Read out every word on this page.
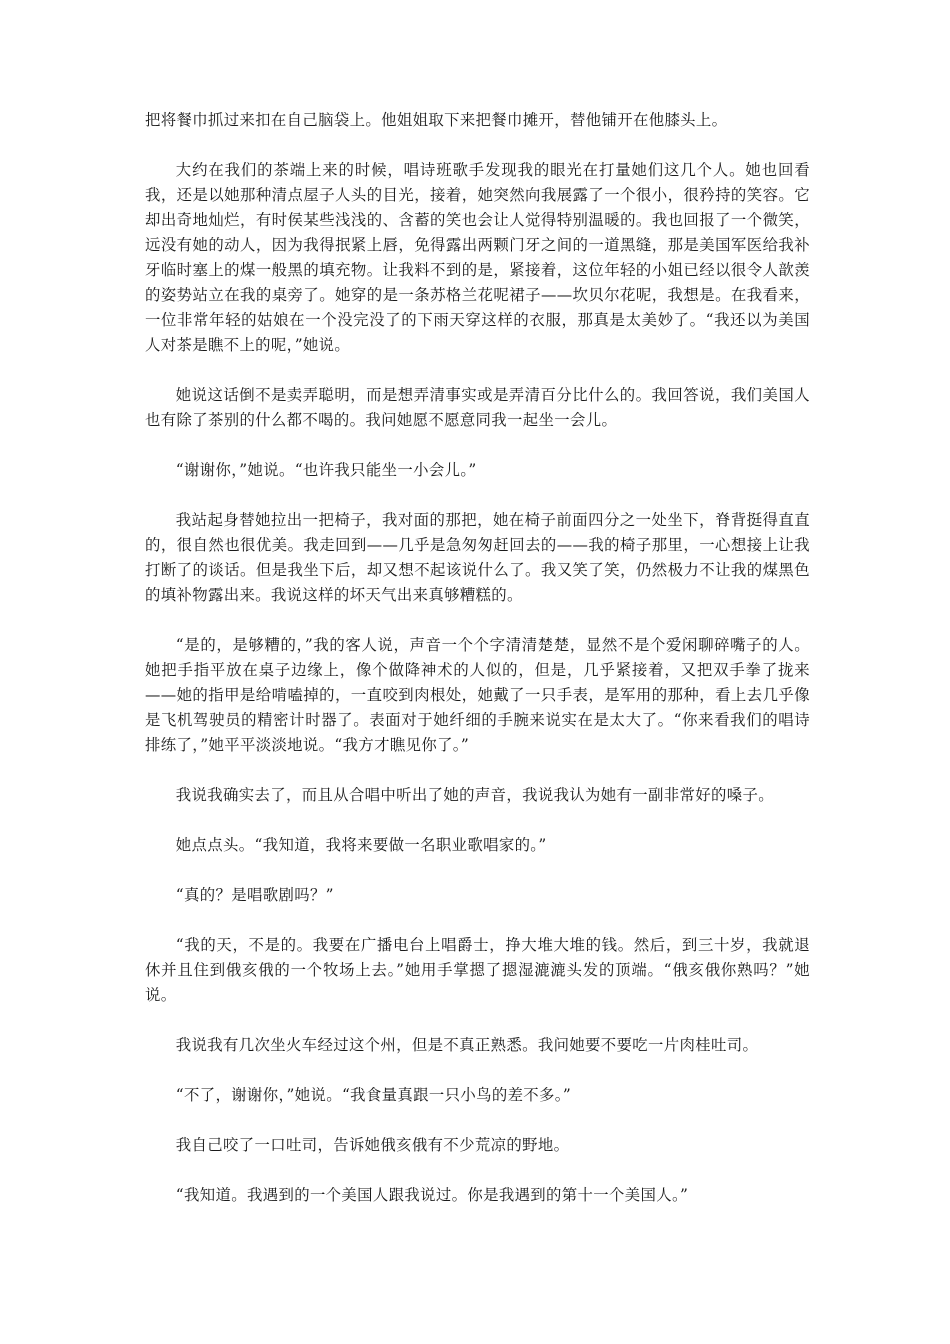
把将餐巾抓过来扣在自己脑袋上。他姐姐取下来把餐巾摊开，替他铺开在他膝头上。

大约在我们的茶端上来的时候，唱诗班歌手发现我的眼光在打量她们这几个人。她也回看我，还是以她那种清点屋子人头的目光，接着，她突然向我展露了一个很小，很矜持的笑容。它却出奇地灿烂，有时侯某些浅浅的、含蓄的笑也会让人觉得特别温暖的。我也回报了一个微笑，远没有她的动人，因为我得抿紧上唇，免得露出两颗门牙之间的一道黑缝，那是美国军医给我补牙临时塞上的煤一般黑的填充物。让我料不到的是，紧接着，这位年轻的小姐已经以很令人歆羡的姿势站立在我的桌旁了。她穿的是一条苏格兰花呢裙子——坎贝尔花呢，我想是。在我看来，一位非常年轻的姑娘在一个没完没了的下雨天穿这样的衣服，那真是太美妙了。“我还以为美国人对茶是瞧不上的呢，”她说。

她说这话倒不是卖弄聪明，而是想弄清事实或是弄清百分比什么的。我回答说，我们美国人也有除了茶别的什么都不喝的。我问她愿不愿意同我一起坐一会儿。

“谢谢你，”她说。“也许我只能坐一小会儿。”

我站起身替她拉出一把椅子，我对面的那把，她在椅子前面四分之一处坐下，脊背挺得直直的，很自然也很优美。我走回到——几乎是急匆匆赶回去的——我的椅子那里，一心想接上让我打断了的谈话。但是我坐下后，却又想不起该说什么了。我又笑了笑，仍然极力不让我的煤黑色的填补物露出来。我说这样的坏天气出来真够糟糕的。

“是的，是够糟的，”我的客人说，声音一个个字清清楚楚，显然不是个爱闲聊碎嘴子的人。她把手指平放在桌子边缘上，像个做降神术的人似的，但是，几乎紧接着，又把双手拳了拢来——她的指甲是给啃嗑掉的，一直咬到肉根处，她戴了一只手表，是军用的那种，看上去几乎像是飞机驾驶员的精密计时器了。表面对于她纤细的手腕来说实在是太大了。“你来看我们的唱诗排练了，”她平平淡淡地说。“我方才瞧见你了。”

我说我确实去了，而且从合唱中听出了她的声音，我说我认为她有一副非常好的嗓子。

她点点头。“我知道，我将来要做一名职业歌唱家的。”

“真的？是唱歌剧吗？”

“我的天，不是的。我要在广播电台上唱爵士，挣大堆大堆的钱。然后，到三十岁，我就退休并且住到俄亥俄的一个牧场上去。”她用手掌摁了摁湿漉漉头发的顶端。“俄亥俄你熟吗？”她说。

我说我有几次坐火车经过这个州，但是不真正熟悉。我问她要不要吃一片肉桂吐司。

“不了，谢谢你，”她说。“我食量真跟一只小鸟的差不多。”

我自己咬了一口吐司，告诉她俄亥俄有不少荒凉的野地。

“我知道。我遇到的一个美国人跟我说过。你是我遇到的第十一个美国人。”
